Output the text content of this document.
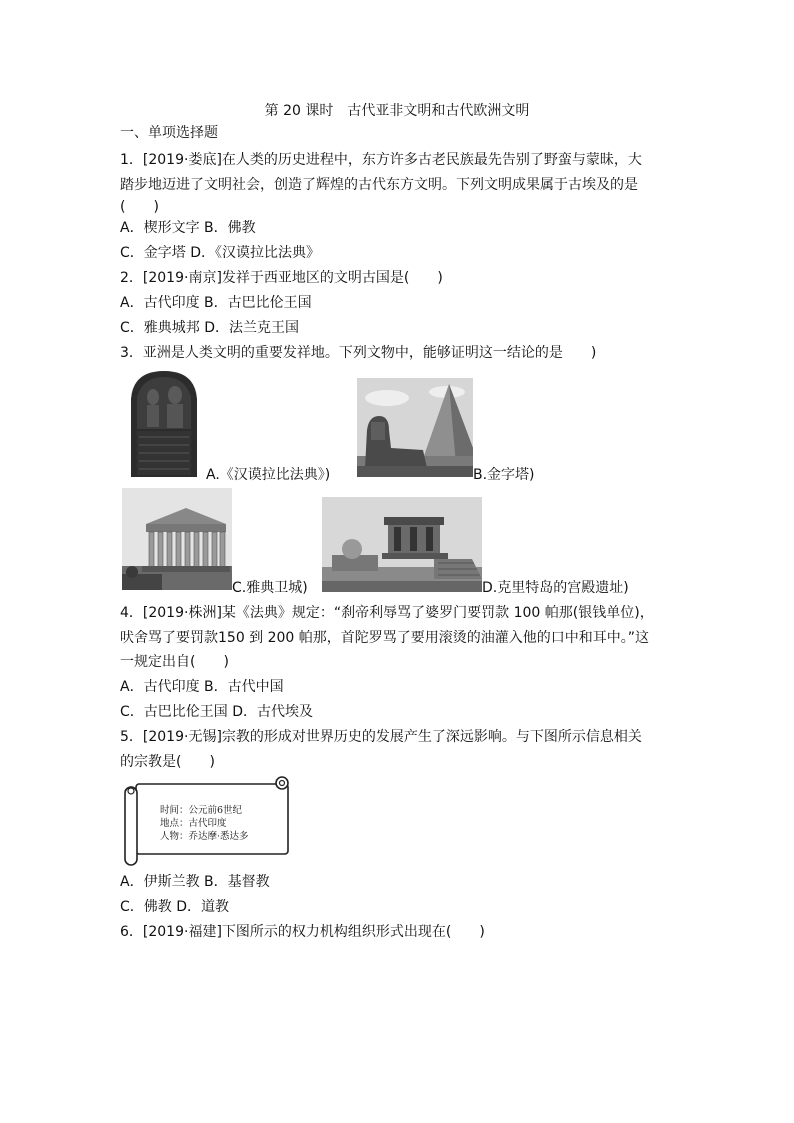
第 20 课时　古代亚非文明和古代欧洲文明
一、单项选择题
1．[2019·娄底]在人类的历史进程中，东方许多古老民族最先告别了野蛮与蒙昧，大
踏步地迈进了文明社会，创造了辉煌的古代东方文明。下列文明成果属于古埃及的是
(　　)
A．楔形文字 B．佛教
C．金字塔 D．《汉谟拉比法典》
2．[2019·南京]发祥于西亚地区的文明古国是(　　)
A．古代印度 B．古巴比伦王国
C．雅典城邦 D．法兰克王国
3．亚洲是人类文明的重要发祥地。下列文物中，能够证明这一结论的是　　)
A.《汉谟拉比法典》)	B.金字塔)
C.雅典卫城)	D.克里特岛的宫殿遗址)
4．[2019·株洲]某《法典》规定：“刹帝利辱骂了婆罗门要罚款 100 帕那(银钱单位)，
吠舍骂了要罚款150 到 200 帕那，首陀罗骂了要用滚烫的油灌入他的口中和耳中。”这
一规定出自(　　)
A．古代印度 B．古代中国
C．古巴比伦王国 D．古代埃及
5．[2019·无锡]宗教的形成对世界历史的发展产生了深远影响。与下图所示信息相关
的宗教是(　　)
时间：公元前6世纪
地点：古代印度
人物：乔达摩·悉达多
A．伊斯兰教 B．基督教
C．佛教 D．道教
6．[2019·福建]下图所示的权力机构组织形式出现在(　　)
